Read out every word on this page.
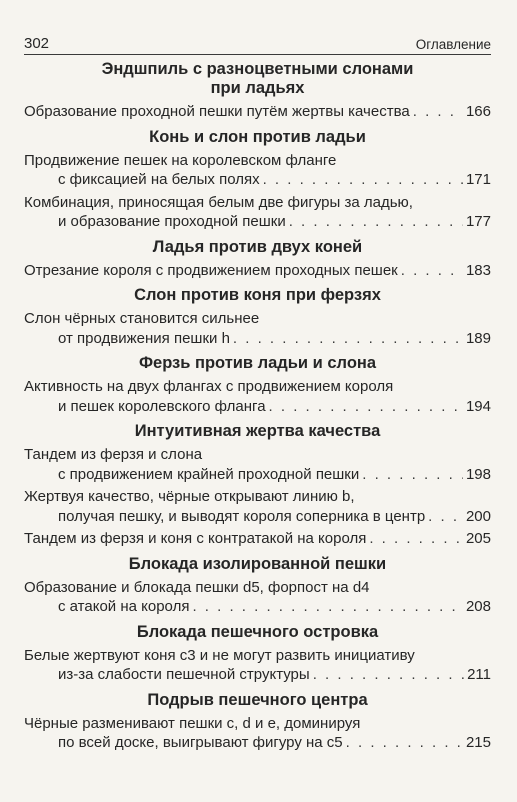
302	Оглавление
Эндшпиль с разноцветными слонами
при ладьях
Образование проходной пешки путём жертвы качества . . .	166
Конь и слон против ладьи
Продвижение пешек на королевском фланге
с фиксацией на белых полях . . .	171
Комбинация, приносящая белым две фигуры за ладью,
и образование проходной пешки . . .	177
Ладья против двух коней
Отрезание короля с продвижением проходных пешек . . .	183
Слон против коня при ферзях
Слон чёрных становится сильнее
от продвижения пешки h . . .	189
Ферзь против ладьи и слона
Активность на двух флангах с продвижением короля
и пешек королевского фланга . . .	194
Интуитивная жертва качества
Тандем из ферзя и слона
с продвижением крайней проходной пешки . . .	198
Жертвуя качество, чёрные открывают линию b,
получая пешку, и выводят короля соперника в центр . . .	200
Тандем из ферзя и коня с контратакой на короля . . .	205
Блокада изолированной пешки
Образование и блокада пешки d5, форпост на d4
с атакой на короля . . .	208
Блокада пешечного островка
Белые жертвуют коня c3 и не могут развить инициативу
из-за слабости пешечной структуры . . .	211
Подрыв пешечного центра
Чёрные разменивают пешки c, d и e, доминируя
по всей доске, выигрывают фигуру на c5 . . .	215
